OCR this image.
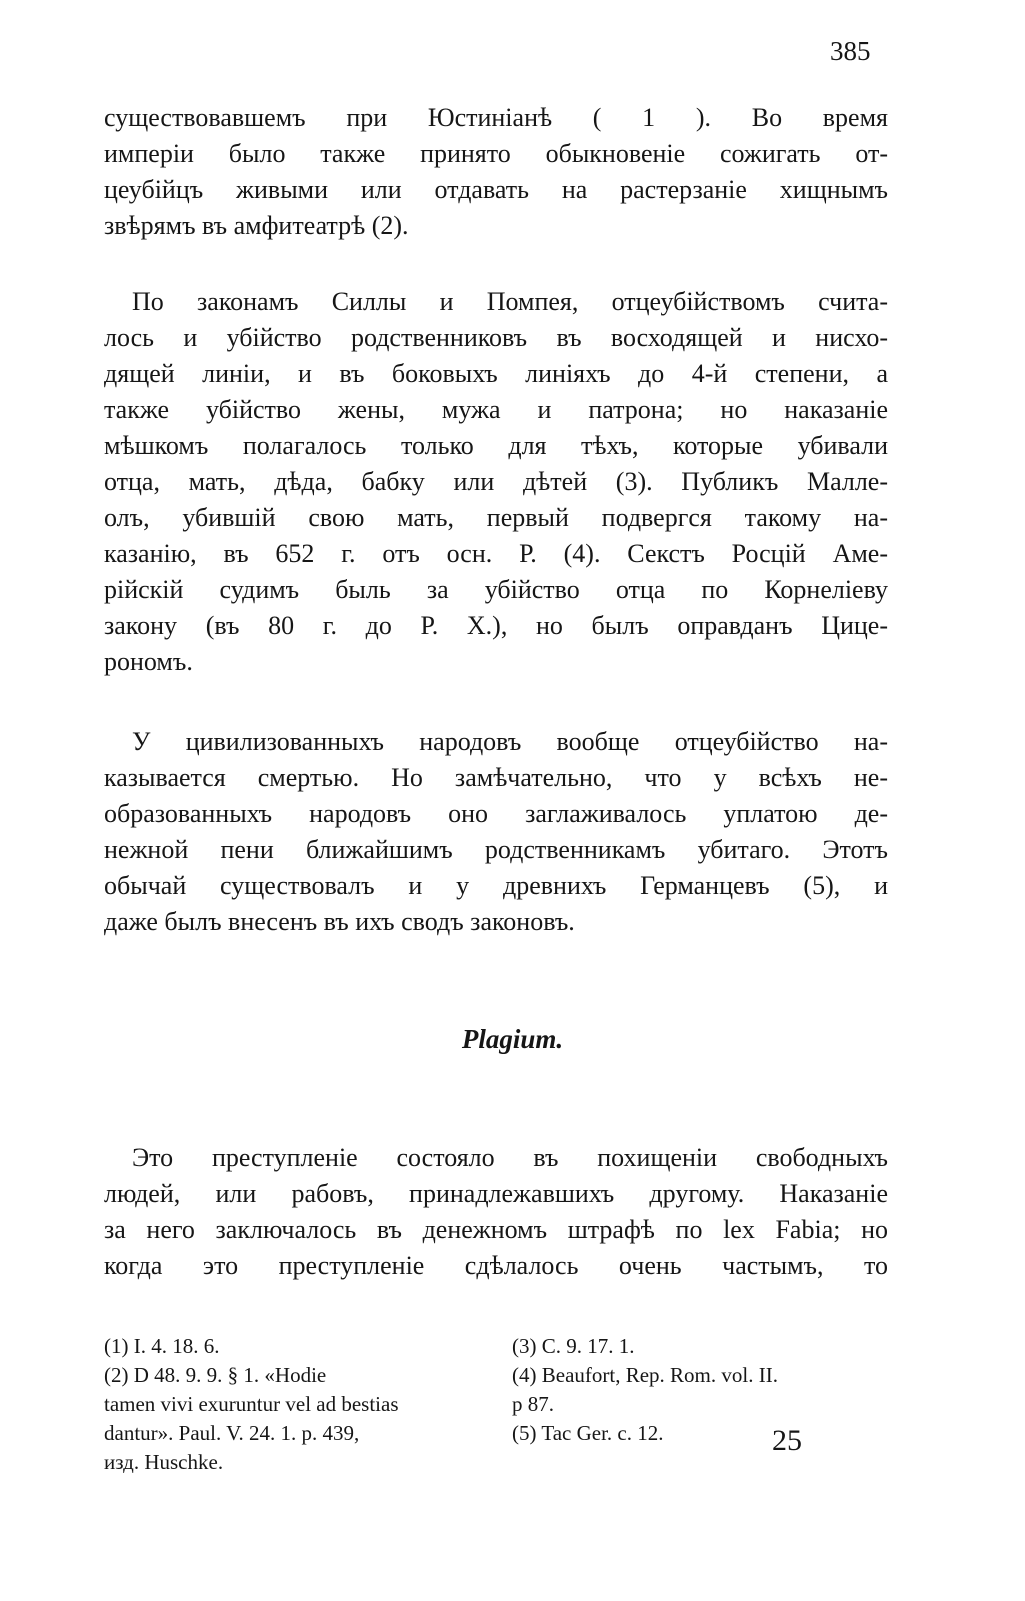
385

существовавшемъ при Юстиніанѣ ( 1 ). Во время
имперіи было также принято обыкновеніе сожигать от-
цеубійцъ живыми или отдавать на растерзаніе хищнымъ
звѣрямъ въ амфитеатрѣ (2).

По законамъ Силлы и Помпея, отцеубійствомъ счита-
лось и убійство родственниковъ въ восходящей и нисхо-
дящей линіи, и въ боковыхъ линіяхъ до 4-й степени, а
также убійство жены, мужа и патрона; но наказаніе
мѣшкомъ полагалось только для тѣхъ, которые убивали
отца, мать, дѣда, бабку или дѣтей (3). Публикъ Малле-
олъ, убившій свою мать, первый подвергся такому на-
казанію, въ 652 г. отъ осн. Р. (4). Секстъ Росцій Аме-
рійскій судимъ быль за убійство отца по Корнеліеву
закону (въ 80 г. до Р. Х.), но былъ оправданъ Цице-
рономъ.

У цивилизованныхъ народовъ вообще отцеубійство на-
казывается смертью. Но замѣчательно, что у всѣхъ не-
образованныхъ народовъ оно заглаживалось уплатою де-
нежной пени ближайшимъ родственникамъ убитаго. Этотъ
обычай существовалъ и у древнихъ Германцевъ (5), и
даже былъ внесенъ въ ихъ сводъ законовъ.

Plagium.

Это преступленіе состояло въ похищеніи свободныхъ
людей, или рабовъ, принадлежавшихъ другому. Наказаніе
за него заключалось въ денежномъ штрафѣ по lex Fabia; но
когда это преступленіе сдѣлалось очень частымъ, то

(1) I. 4. 18. 6.
(2) D 48. 9. 9. § 1. «Hodie
tamen vivi exuruntur vel ad bestias
dantur». Paul. V. 24. 1. p. 439,
изд. Huschke.
(3) C. 9. 17. 1.
(4) Beaufort, Rep. Rom. vol. II.
p 87.
(5) Tac Ger. c. 12.	25
